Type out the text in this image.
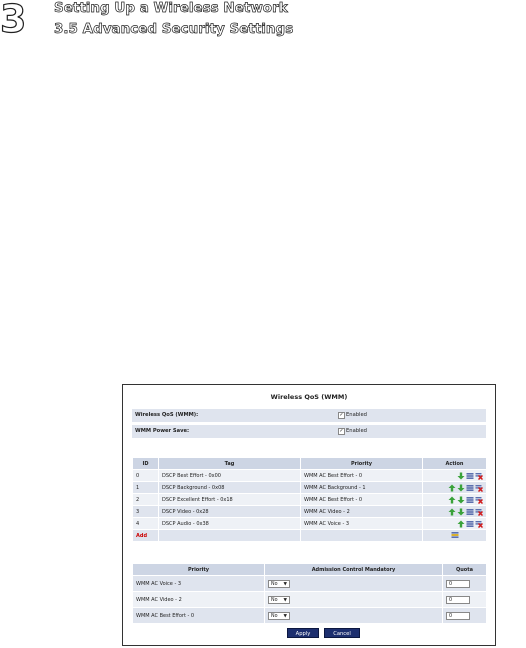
3 Setting Up a Wireless Network
3.5 Advanced Security Settings
Wireless QoS (WMM)
Wireless QoS (WMM):	✓ Enabled
WMM Power Save:	✓ Enabled
ID	Tag	Priority	Action
0	DSCP Best Effort - 0x00	WMM AC Best Effort - 0	

1	DSCP Background - 0x08	WMM AC Background - 1	

2	DSCP Excellent Effort - 0x18	WMM AC Best Effort - 0	

3	DSCP Video - 0x28	WMM AC Video - 2	

4	DSCP Audio - 0x38	WMM AC Voice - 3	

Add			
Priority	Admission Control Mandatory	Quota
WMM AC Voice - 3	No ▼	0
WMM AC Video - 2	No ▼	0
WMM AC Best Effort - 0	No ▼	0
Apply	Cancel
